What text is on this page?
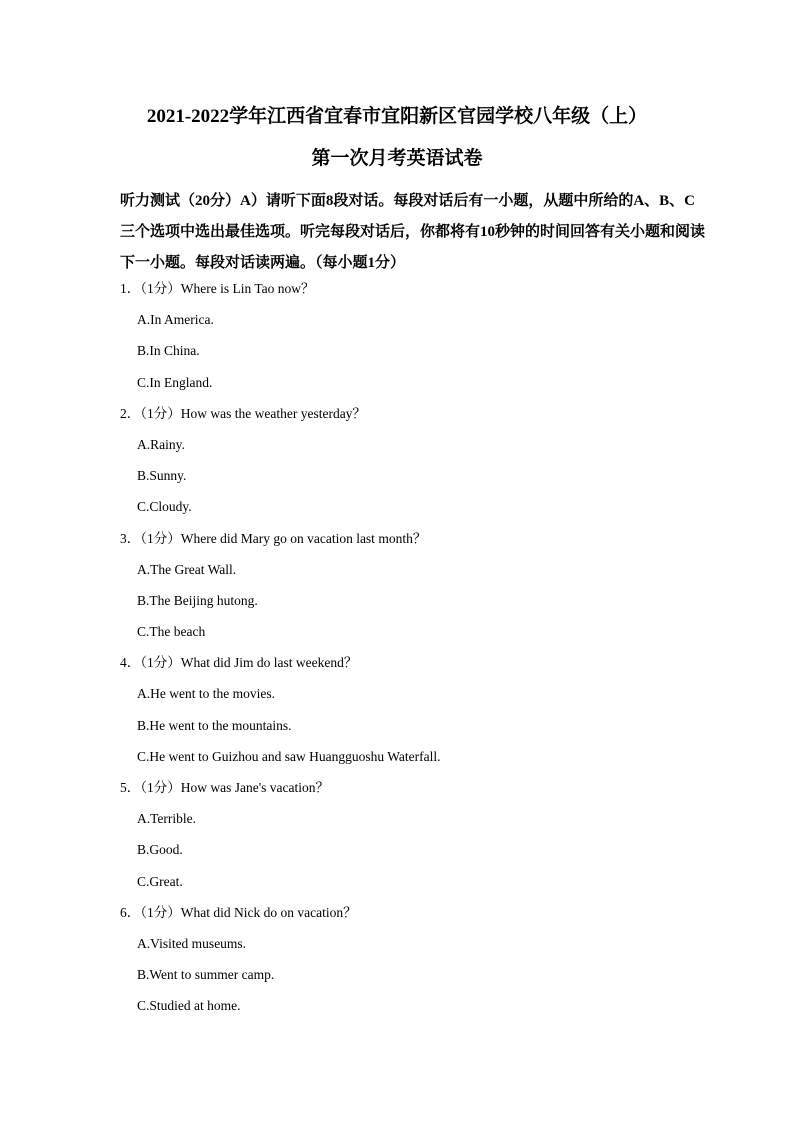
2021-2022学年江西省宜春市宜阳新区官园学校八年级（上）
第一次月考英语试卷
听力测试（20分）A）请听下面8段对话。每段对话后有一小题，从题中所给的A、B、C
三个选项中选出最佳选项。听完每段对话后，你都将有10秒钟的时间回答有关小题和阅读
下一小题。每段对话读两遍。（每小题1分）
1．（1分）Where is Lin Tao now？
A.In America.
B.In China.
C.In England.
2．（1分）How was the weather yesterday？
A.Rainy.
B.Sunny.
C.Cloudy.
3．（1分）Where did Mary go on vacation last month？
A.The Great Wall.
B.The Beijing hutong.
C.The beach
4．（1分）What did Jim do last weekend？
A.He went to the movies.
B.He went to the mountains.
C.He went to Guizhou and saw Huangguoshu Waterfall.
5．（1分）How was Jane's vacation？
A.Terrible.
B.Good.
C.Great.
6．（1分）What did Nick do on vacation？
A.Visited museums.
B.Went to summer camp.
C.Studied at home.
